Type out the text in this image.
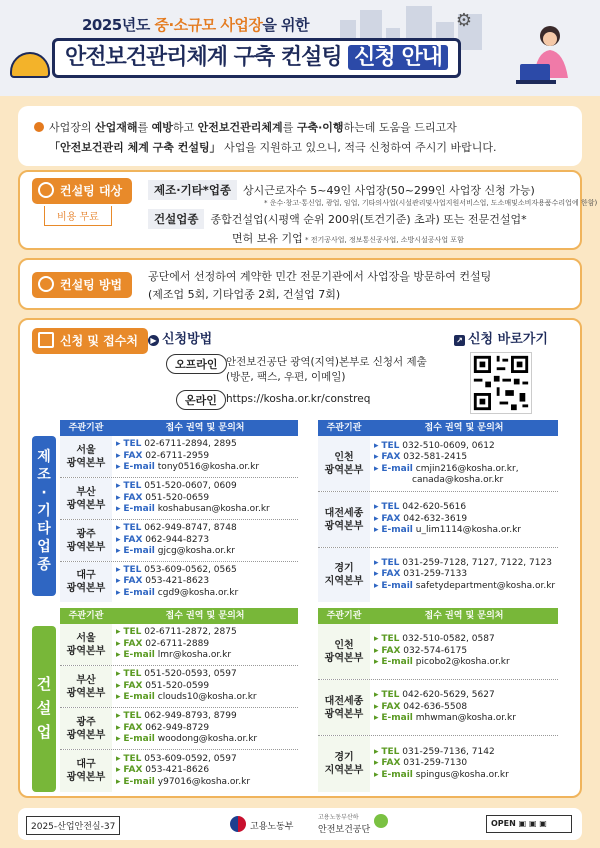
⚙
2025년도 중·소규모 사업장을 위한
안전보건관리체계 구축 컨설팅 신청 안내
사업장의 산업재해를 예방하고 안전보건관리체계를 구축·이행하는데 도움을 드리고자
「안전보건관리 체계 구축 컨설팅」 사업을 지원하고 있으니, 적극 신청하여 주시기 바랍니다.
컨설팅 대상
비용 무료
제조·기타*업종 상시근로자수 5~49인 사업장(50~299인 사업장 신청 가능)
* 운수·창고·통신업, 광업, 임업, 기타의사업(시설관리및사업지원서비스업, 도소매및소비자용품수리업에 한함)
건설업종 종합건설업(시평액 순위 200위(토건기준) 초과) 또는 전문건설업*
면허 보유 기업 * 전기공사업, 정보통신공사업, 소방시설공사업 포함
컨설팅 방법
공단에서 선정하여 계약한 민간 전문기관에서 사업장을 방문하여 컨설팅
(제조업 5회, 기타업종 2회, 건설업 7회)
신청 및 접수처	▶ 신청방법
오프라인 안전보건공단 광역(지역)본부로 신청서 제출
(방문, 팩스, 우편, 이메일)
온라인 https://kosha.or.kr/constreq
↗ 신청 바로가기
제
조
·
기
타
업
종
주관기관	접수 권역 및 문의처
서울
광역본부
▸ TEL 02-6711-2894, 2895
▸ FAX 02-6711-2959
▸ E-mail tony0516@kosha.or.kr
부산
광역본부
▸ TEL 051-520-0607, 0609
▸ FAX 051-520-0659
▸ E-mail koshabusan@kosha.or.kr
광주
광역본부
▸ TEL 062-949-8747, 8748
▸ FAX 062-944-8273
▸ E-mail gjcg@kosha.or.kr
대구
광역본부
▸ TEL 053-609-0562, 0565
▸ FAX 053-421-8623
▸ E-mail cgd9@kosha.or.kr
주관기관	접수 권역 및 문의처
인천
광역본부
▸ TEL 032-510-0609, 0612
▸ FAX 032-581-2415
▸ E-mail cmjin216@kosha.or.kr,
canada@kosha.or.kr
대전세종
광역본부
▸ TEL 042-620-5616
▸ FAX 042-632-3619
▸ E-mail u_lim1114@kosha.or.kr
경기
지역본부
▸ TEL 031-259-7128, 7127, 7122, 7123
▸ FAX 031-259-7133
▸ E-mail safetydepartment@kosha.or.kr
건
설
업
주관기관	접수 권역 및 문의처
서울
광역본부
▸ TEL 02-6711-2872, 2875
▸ FAX 02-6711-2889
▸ E-mail lmr@kosha.or.kr
부산
광역본부
▸ TEL 051-520-0593, 0597
▸ FAX 051-520-0599
▸ E-mail clouds10@kosha.or.kr
광주
광역본부
▸ TEL 062-949-8793, 8799
▸ FAX 062-949-8729
▸ E-mail woodong@kosha.or.kr
대구
광역본부
▸ TEL 053-609-0592, 0597
▸ FAX 053-421-8626
▸ E-mail y97016@kosha.or.kr
주관기관	접수 권역 및 문의처
인천
광역본부
▸ TEL 032-510-0582, 0587
▸ FAX 032-574-6175
▸ E-mail picobo2@kosha.or.kr
대전세종
광역본부
▸ TEL 042-620-5629, 5627
▸ FAX 042-636-5508
▸ E-mail mhwman@kosha.or.kr
경기
지역본부
▸ TEL 031-259-7136, 7142
▸ FAX 031-259-7130
▸ E-mail spingus@kosha.or.kr
2025-산업안전실-37	고용노동부
고용노동부산하
안전보건공단
OPEN ▣ ▣ ▣
